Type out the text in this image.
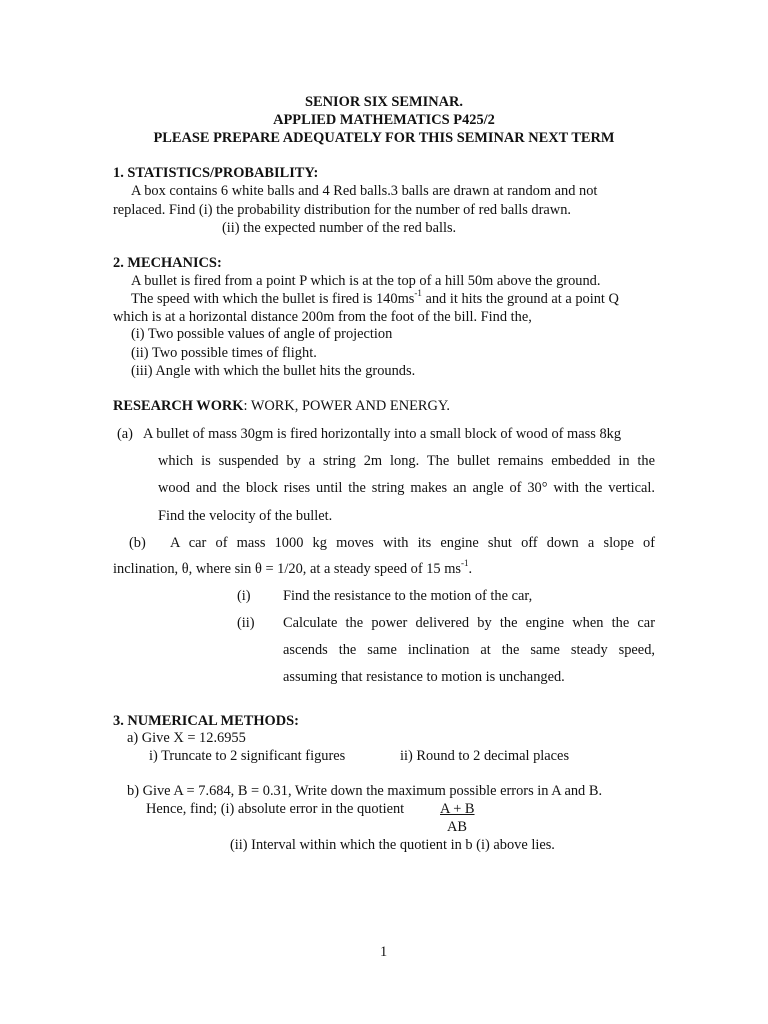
SENIOR SIX SEMINAR.
APPLIED MATHEMATICS P425/2
PLEASE PREPARE ADEQUATELY FOR THIS SEMINAR NEXT TERM
1. STATISTICS/PROBABILITY:
A box contains 6 white balls and 4 Red balls.3 balls are drawn at random and not
replaced. Find (i) the probability distribution for the number of red balls drawn.
(ii) the expected number of the red balls.
2. MECHANICS:
A bullet is fired from a point P which is at the top of a hill 50m above the ground.
The speed with which the bullet is fired is $140ms^{-1}$ and it hits the ground at a point Q
which is at a horizontal distance 200m from the foot of the bill. Find the,
(i) Two possible values of angle of projection
(ii) Two possible times of flight.
(iii) Angle with which the bullet hits the grounds.
RESEARCH WORK: WORK, POWER AND ENERGY.
(a) A bullet of mass 30gm is fired horizontally into a small block of wood of mass 8kg
which is suspended by a string 2m long. The bullet remains embedded in the
wood and the block rises until the string makes an angle of 30° with the vertical.
Find the velocity of the bullet.
(b) A car of mass 1000 kg moves with its engine shut off down a slope of
inclination, θ, where sin θ = 1/20, at a steady speed of 15 $ms^{-1}$.
(i) Find the resistance to the motion of the car,
(ii) Calculate the power delivered by the engine when the car
ascends the same inclination at the same steady speed,
assuming that resistance to motion is unchanged.
3. NUMERICAL METHODS:
a) Give X = 12.6955
i) Truncate to 2 significant figures	ii) Round to 2 decimal places
b) Give A = 7.684, B = 0.31, Write down the maximum possible errors in A and B.
Hence, find; (i) absolute error in the quotient A + B
AB
(ii) Interval within which the quotient in b (i) above lies.
1
